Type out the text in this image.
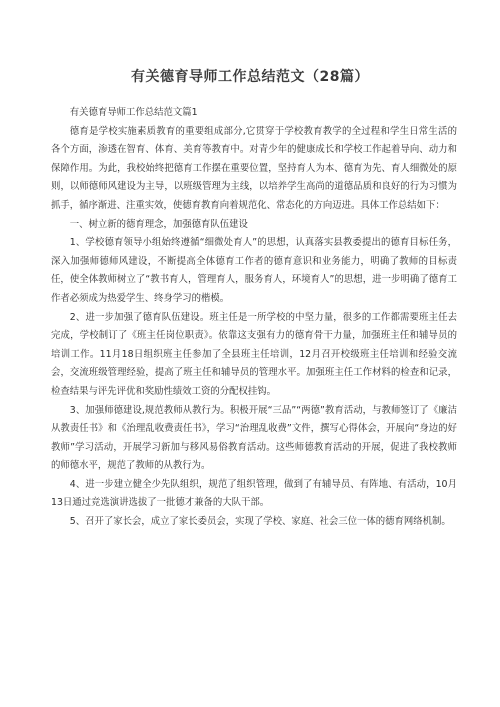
有关德育导师工作总结范文（28篇）

有关德育导师工作总结范文篇1

德育是学校实施素质教育的重要组成部分,它贯穿于学校教育教学的全过程和学生日常生活的各个方面，渗透在智育、体育、美育等教育中。对青少年的健康成长和学校工作起着导向、动力和保障作用。为此，我校始终把德育工作摆在重要位置，坚持育人为本、德育为先、育人细微处的原则，以师德师风建设为主导，以班级管理为主线，以培养学生高尚的道德品质和良好的行为习惯为抓手，循序渐进、注重实效，使德育教育向着规范化、常态化的方向迈进。具体工作总结如下：

一、树立新的德育理念，加强德育队伍建设

1、学校德育领导小组始终遵循“细微处育人”的思想，认真落实县教委提出的德育目标任务，深入加强师德师风建设，不断提高全体德育工作者的德育意识和业务能力，明确了教师的目标责任，使全体教师树立了“教书育人，管理育人，服务育人，环境育人”的思想，进一步明确了德育工作者必须成为热爱学生、终身学习的楷模。

2、进一步加强了德育队伍建设。班主任是一所学校的中坚力量，很多的工作都需要班主任去完成，学校制订了《班主任岗位职责》。依靠这支强有力的德育骨干力量，加强班主任和辅导员的培训工作。11月18日组织班主任参加了全县班主任培训，12月召开校级班主任培训和经验交流会，交流班级管理经验，提高了班主任和辅导员的管理水平。加强班主任工作材料的检查和记录，检查结果与评先评优和奖励性绩效工资的分配权挂钩。

3、加强师德建设,规范教师从教行为。积极开展“三品”“两德”教育活动，与教师签订了《廉洁从教责任书》和《治理乱收费责任书》，学习“治理乱收费”文件，撰写心得体会，开展向“身边的好教师”学习活动，开展学习新加与移风易俗教育活动。这些师德教育活动的开展，促进了我校教师的师德水平，规范了教师的从教行为。

4、进一步建立健全少先队组织，规范了组织管理，做到了有辅导员、有阵地、有活动，10月13日通过竞选演讲选拔了一批德才兼备的大队干部。

5、召开了家长会，成立了家长委员会，实现了学校、家庭、社会三位一体的德育网络机制。
